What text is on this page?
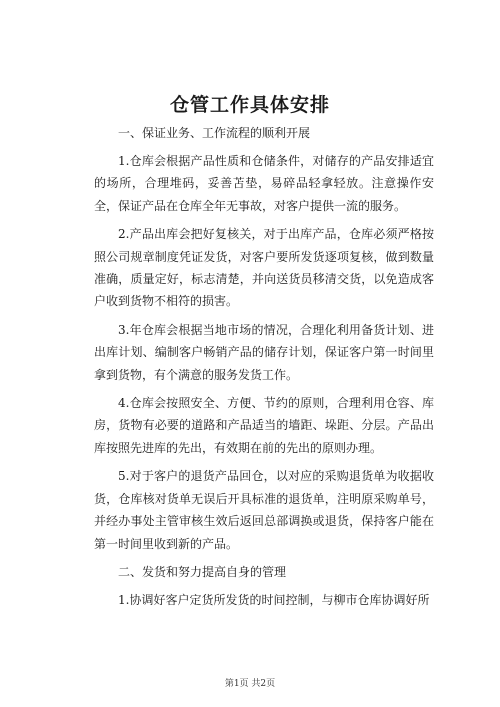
仓管工作具体安排

一、保证业务、工作流程的顺利开展

1.仓库会根据产品性质和仓储条件，对储存的产品安排适宜的场所，合理堆码，妥善苫垫，易碎品轻拿轻放。注意操作安全，保证产品在仓库全年无事故，对客户提供一流的服务。

2.产品出库会把好复核关，对于出库产品，仓库必须严格按照公司规章制度凭证发货，对客户要所发货逐项复核，做到数量准确，质量定好，标志清楚，并向送货员移清交货，以免造成客户收到货物不相符的损害。

3.年仓库会根据当地市场的情况，合理化利用备货计划、进出库计划、编制客户畅销产品的储存计划，保证客户第一时间里拿到货物，有个满意的服务发货工作。

4.仓库会按照安全、方便、节约的原则，合理利用仓容、库房，货物有必要的道路和产品适当的墙距、垛距、分层。产品出库按照先进库的先出，有效期在前的先出的原则办理。

5.对于客户的退货产品回仓，以对应的采购退货单为收据收货，仓库核对货单无误后开具标准的退货单，注明原采购单号，并经办事处主管审核生效后返回总部调换或退货，保持客户能在第一时间里收到新的产品。

二、发货和努力提高自身的管理

1.协调好客户定货所发货的时间控制，与柳市仓库协调好所

第1页 共2页
